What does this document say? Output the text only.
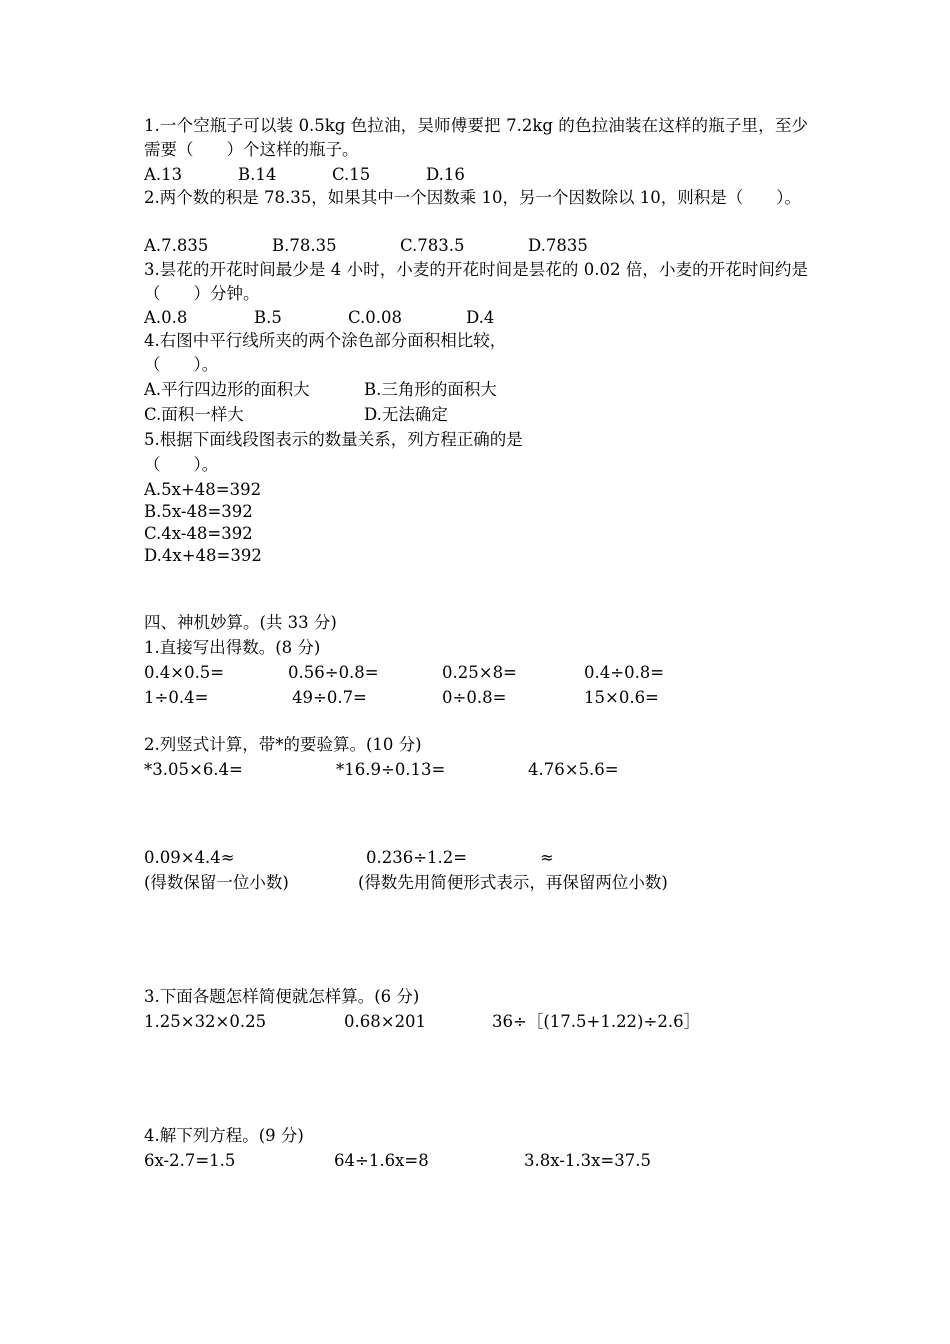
1.一个空瓶子可以装 0.5kg 色拉油，吴师傅要把 7.2kg 的色拉油装在这样的瓶子里，至少需要（　　）个这样的瓶子。
A.13	B.14	C.15	D.16
2.两个数的积是 78.35，如果其中一个因数乘 10，另一个因数除以 10，则积是（　　）。
A.7.835	B.78.35	C.783.5	D.7835
3.昙花的开花时间最少是 4 小时，小麦的开花时间是昙花的 0.02 倍，小麦的开花时间约是（　　）分钟。
A.0.8	B.5	C.0.08	D.4
4.右图中平行线所夹的两个涂色部分面积相比较，
（　　）。
A.平行四边形的面积大	B.三角形的面积大
C.面积一样大	D.无法确定
5.根据下面线段图表示的数量关系，列方程正确的是
（　　）。
A.5x+48=392
B.5x-48=392
C.4x-48=392
D.4x+48=392
四、神机妙算。(共 33 分)
1.直接写出得数。(8 分)
0.4×0.5=	0.56÷0.8=	0.25×8=	0.4÷0.8=
1÷0.4=	49÷0.7=	0÷0.8=	15×0.6=
2.列竖式计算，带*的要验算。(10 分)
*3.05×6.4=	*16.9÷0.13=	4.76×5.6=
0.09×4.4≈	0.236÷1.2=	≈
(得数保留一位小数)	(得数先用简便形式表示，再保留两位小数)
3.下面各题怎样简便就怎样算。(6 分)
1.25×32×0.25	0.68×201	36÷［(17.5+1.22)÷2.6］
4.解下列方程。(9 分)
6x-2.7=1.5	64÷1.6x=8	3.8x-1.3x=37.5
